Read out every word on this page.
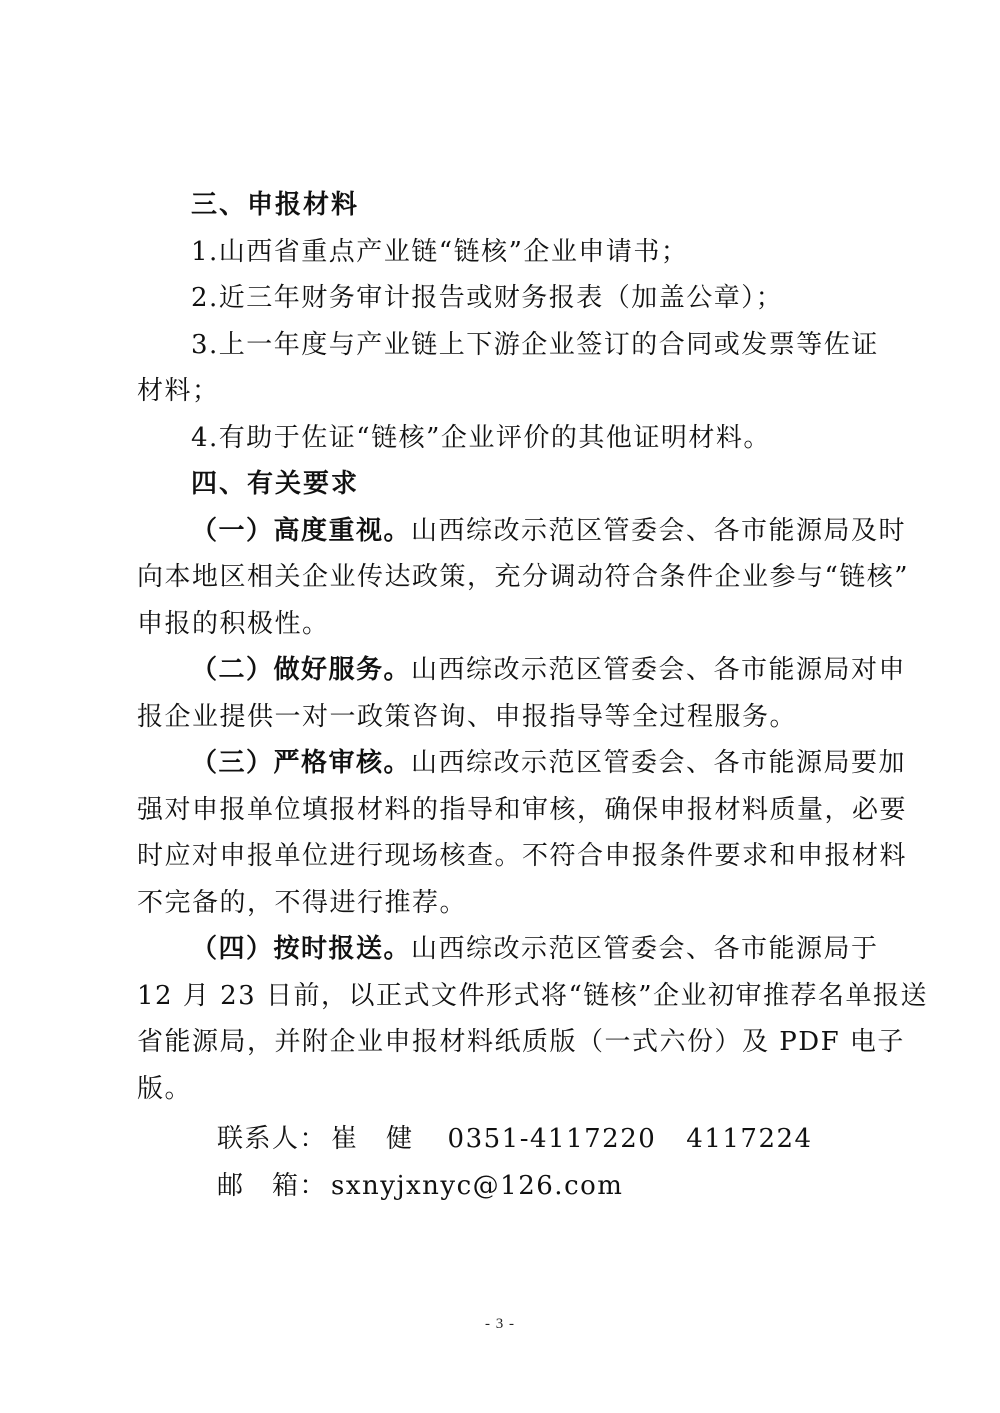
三、申报材料
1.山西省重点产业链“链核”企业申请书；
2.近三年财务审计报告或财务报表（加盖公章）；
3.上一年度与产业链上下游企业签订的合同或发票等佐证
材料；
4.有助于佐证“链核”企业评价的其他证明材料。
四、有关要求
（一）高度重视。山西综改示范区管委会、各市能源局及时
向本地区相关企业传达政策，充分调动符合条件企业参与“链核”
申报的积极性。
（二）做好服务。山西综改示范区管委会、各市能源局对申
报企业提供一对一政策咨询、申报指导等全过程服务。
（三）严格审核。山西综改示范区管委会、各市能源局要加
强对申报单位填报材料的指导和审核，确保申报材料质量，必要
时应对申报单位进行现场核查。不符合申报条件要求和申报材料
不完备的，不得进行推荐。
（四）按时报送。山西综改示范区管委会、各市能源局于
12 月 23 日前，以正式文件形式将“链核”企业初审推荐名单报送
省能源局，并附企业申报材料纸质版（一式六份）及 PDF 电子
版。
联系人： 崔　健 0351-4117220 4117224
邮　箱： sxnyjxnyc@126.com
- 3 -
